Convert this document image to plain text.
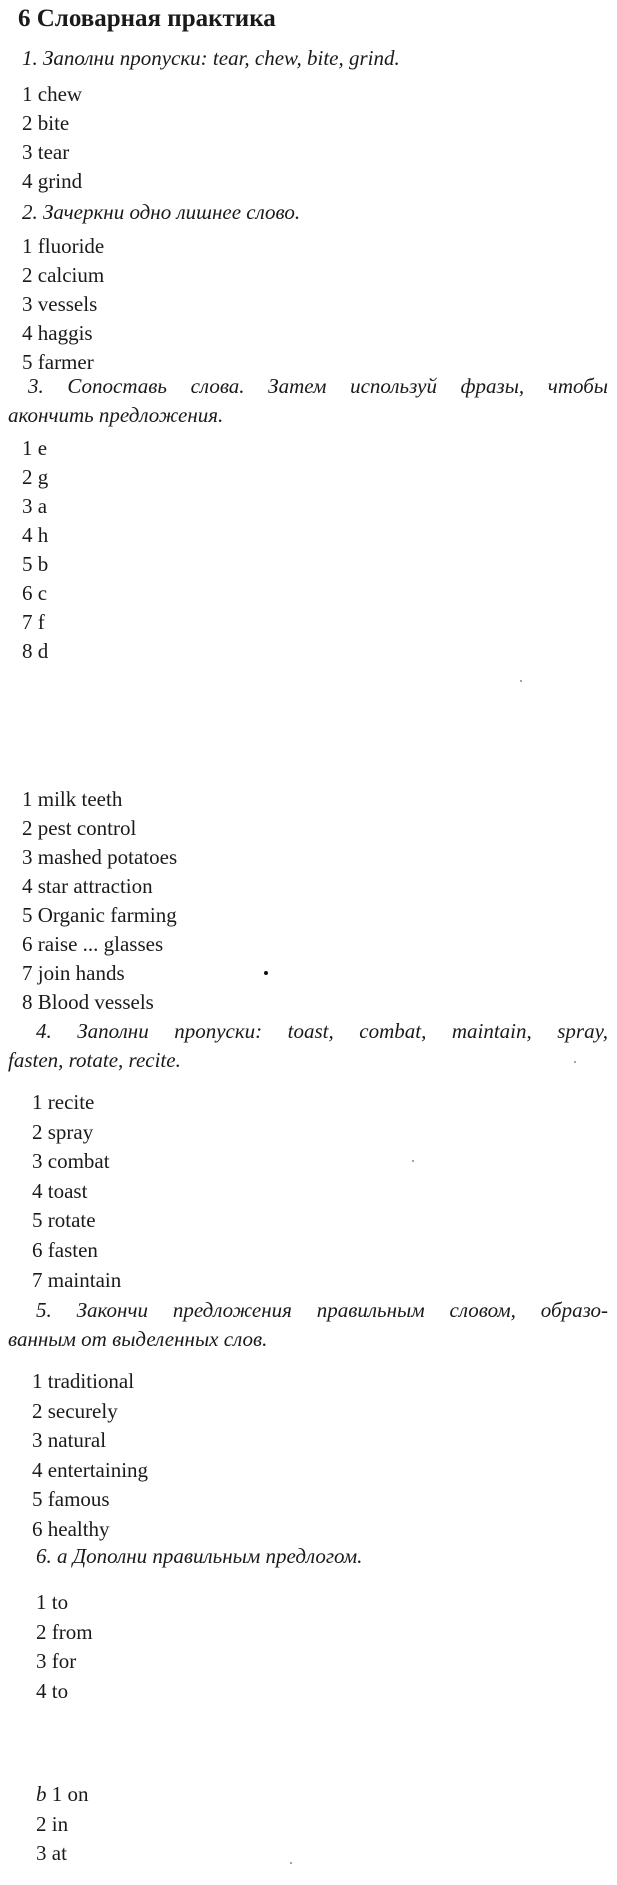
6 Словарная практика
1. Заполни пропуски: tear, chew, bite, grind.
1 chew
2 bite
3 tear
4 grind
2. Зачеркни одно лишнее слово.
1 fluoride
2 calcium
3 vessels
4 haggis
5 farmer
3. Сопоставь слова. Затем используй фразы, чтобы
акончить предложения.
1 e
2 g
3 a
4 h
5 b
6 c
7 f
8 d
1 milk teeth
2 pest control
3 mashed potatoes
4 star attraction
5 Organic farming
6 raise ... glasses
7 join hands
8 Blood vessels
4. Заполни пропуски: toast, combat, maintain, spray,
fasten, rotate, recite.
1 recite
2 spray
3 combat
4 toast
5 rotate
6 fasten
7 maintain
5. Закончи предложения правильным словом, образо-
ванным от выделенных слов.
1 traditional
2 securely
3 natural
4 entertaining
5 famous
6 healthy
6. a Дополни правильным предлогом.
1 to
2 from
3 for
4 to
b 1 on
2 in
3 at
